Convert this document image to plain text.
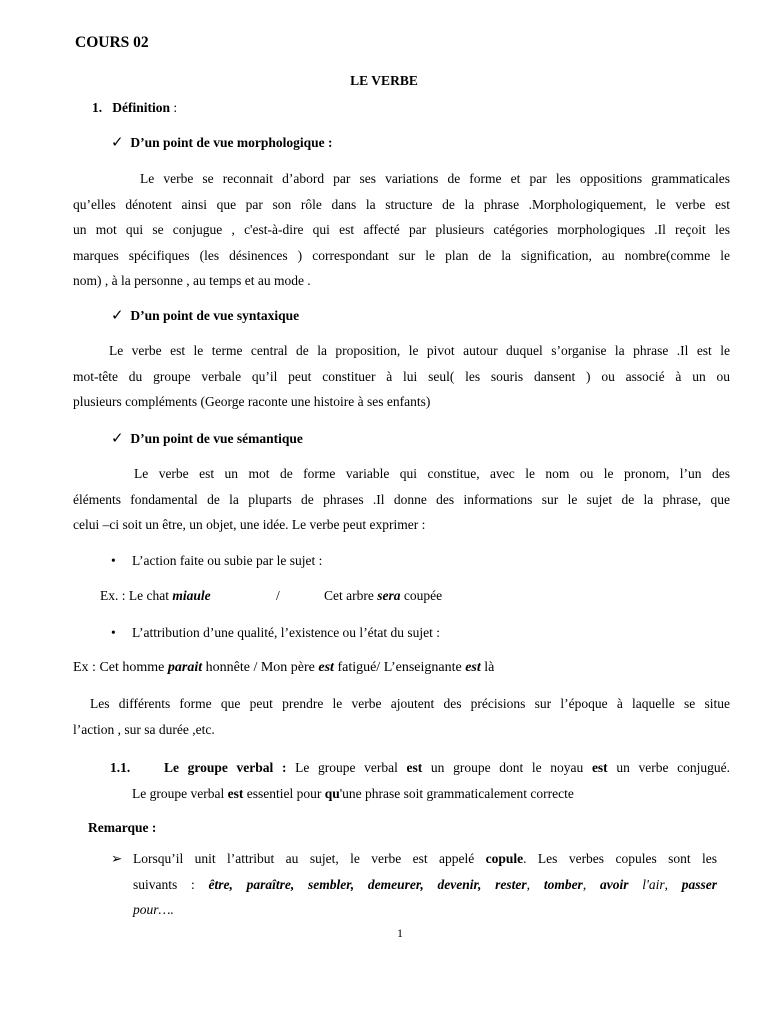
COURS 02
LE VERBE
1. Définition :
✓ D’un point de vue morphologique :
Le verbe se reconnait d’abord par ses variations de forme et par les oppositions grammaticales
qu’elles dénotent ainsi que par son rôle dans la structure de la phrase .Morphologiquement, le verbe est
un mot qui se conjugue , c'est-à-dire qui est affecté par plusieurs catégories morphologiques .Il reçoit les
marques spécifiques (les désinences ) correspondant sur le plan de la signification, au nombre(comme le
nom) , à la personne , au temps et au mode .
✓ D’un point de vue syntaxique
Le verbe est le terme central de la proposition, le pivot autour duquel s’organise la phrase .Il est le
mot-tête du groupe verbale qu’il peut constituer à lui seul( les souris dansent ) ou associé à un ou
plusieurs compléments (George raconte une histoire à ses enfants)
✓ D’un point de vue sémantique
Le verbe est un mot de forme variable qui constitue, avec le nom ou le pronom, l’un des
éléments fondamental de la pluparts de phrases .Il donne des informations sur le sujet de la phrase, que
celui –ci soit un être, un objet, une idée. Le verbe peut exprimer :
• L’action faite ou subie par le sujet :
Ex. : Le chat miaule	/	Cet arbre sera coupée
• L’attribution d’une qualité, l’existence ou l’état du sujet :
Ex : Cet homme parait honnête / Mon père est fatigué/ L’enseignante est là
Les différents forme que peut prendre le verbe ajoutent des précisions sur l’époque à laquelle se situe
l’action , sur sa durée ,etc.
1.1.	Le groupe verbal : Le groupe verbal est un groupe dont le noyau est un verbe conjugué.
Le groupe verbal est essentiel pour qu'une phrase soit grammaticalement correcte
Remarque :
➢ Lorsqu’il unit l’attribut au sujet, le verbe est appelé copule. Les verbes copules sont les
suivants : être, paraître, sembler, demeurer, devenir, rester, tomber, avoir l'air, passer
pour….
1
